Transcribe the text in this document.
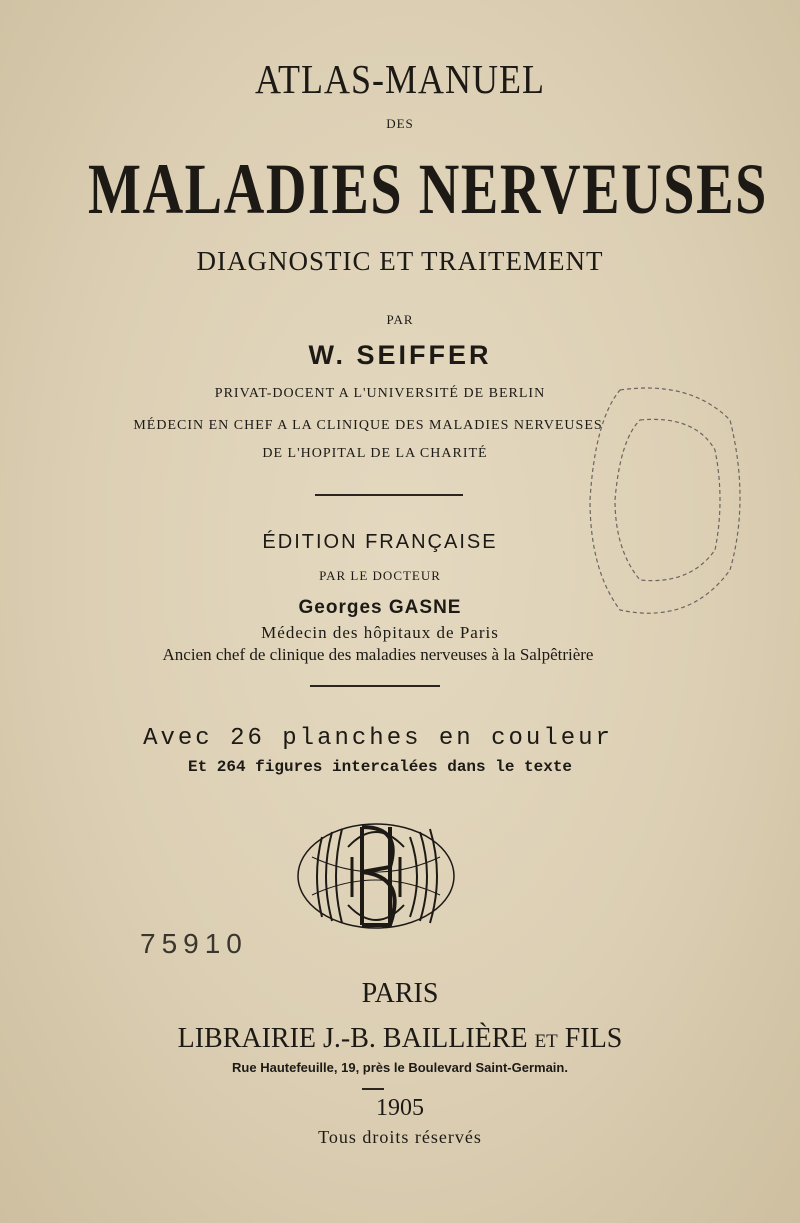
ATLAS-MANUEL
DES
MALADIES NERVEUSES
DIAGNOSTIC ET TRAITEMENT
PAR
W. SEIFFER
PRIVAT-DOCENT A L'UNIVERSITÉ DE BERLIN
MÉDECIN EN CHEF A LA CLINIQUE DES MALADIES NERVEUSES
DE L'HOPITAL DE LA CHARITÉ
ÉDITION FRANÇAISE
PAR LE DOCTEUR
Georges GASNE
Médecin des hôpitaux de Paris
Ancien chef de clinique des maladies nerveuses à la Salpêtrière
Avec 26 planches en couleur
Et 264 figures intercalées dans le texte
75910
PARIS
LIBRAIRIE J.-B. BAILLIÈRE ET FILS
Rue Hautefeuille, 19, près le Boulevard Saint-Germain.
1905
Tous droits réservés
